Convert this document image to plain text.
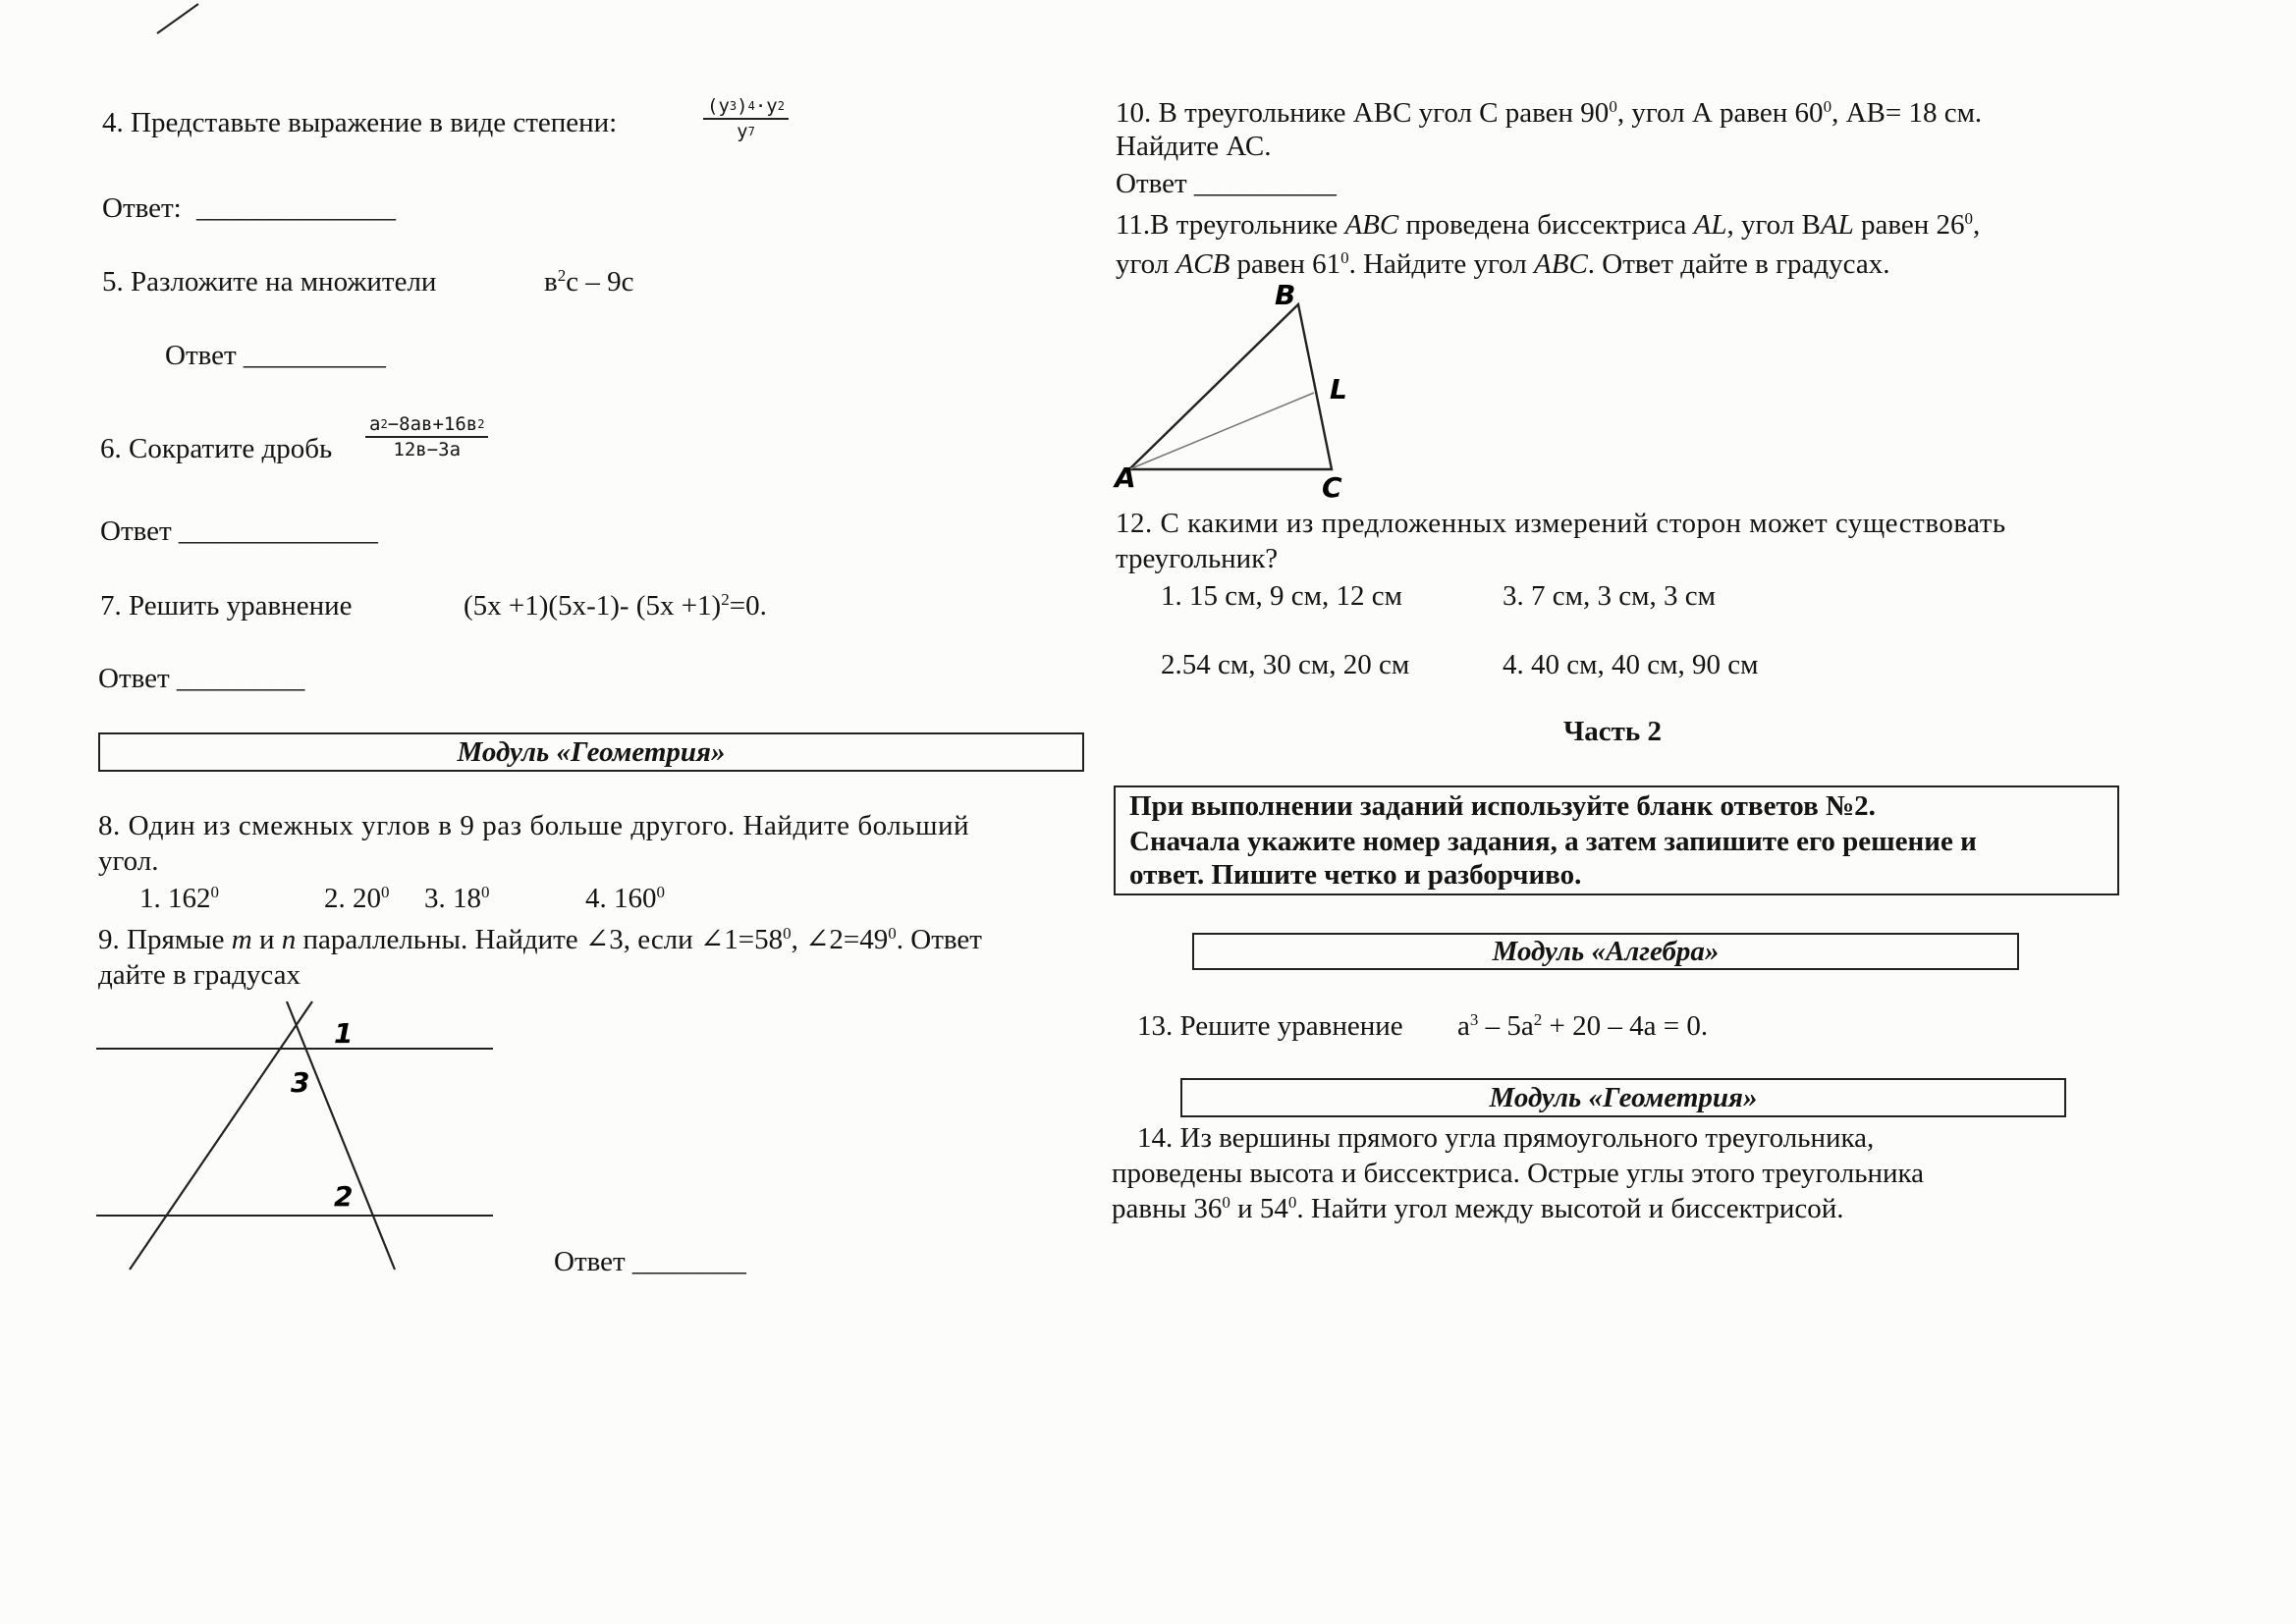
4. Представьте выражение в виде степени:	$\frac{(y^3)^4\cdot y^2}{y^7}$
Ответ: ______________
5. Разложите на множители	$в^2с - 9с$
Ответ __________
6. Сократите дробь
$а^2-8ав+16в^2$
12в−3а
Ответ ______________
7. Решить уравнение	(5х +1)(5х-1)- $(5х +1)^2=0$.
Ответ _________
Модуль «Геометрия»
8. Один из смежных углов в 9 раз больше другого. Найдите больший
угол.
1. $162^0$	2. $20^0$ 3. $18^0$	4. $160^0$
9. Прямые m и n параллельны. Найдите ∠3, если $\angle 1=58^0$, $\angle 2=49^0$. Ответ
дайте в градусах
1
3
2
Ответ ________
10. В треугольнике АВС угол С равен $90^0$, угол А равен $60^0$, АВ= 18 см.
Найдите АС.
Ответ __________
11.В треугольнике ABC проведена биссектриса AL, угол ВAL равен $26^0$,
угол ACB равен $61^0$. Найдите угол ABC. Ответ дайте в градусах.
A
B
C
L
12. С какими из предложенных измерений сторон может существовать
треугольник?
1. 15 см, 9 см, 12 см	3. 7 см, 3 см, 3 см
2.54 см, 30 см, 20 см	4. 40 см, 40 см, 90 см
Часть 2
При выполнении заданий используйте бланк ответов №2.
Сначала укажите номер задания, а затем запишите его решение и
ответ. Пишите четко и разборчиво.
Модуль «Алгебра»
13. Решите уравнение $а^3 - 5а^2 + 20 - 4а = 0$.
Модуль «Геометрия»
14. Из вершины прямого угла прямоугольного треугольника,
проведены высота и биссектриса. Острые углы этого треугольника
равны $36^0$ и $54^0$. Найти угол между высотой и биссектрисой.
